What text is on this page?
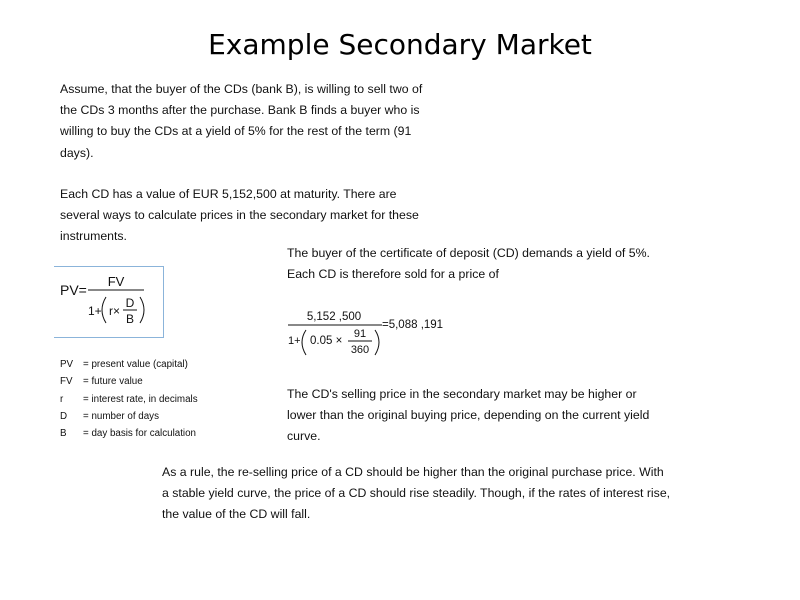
Example Secondary Market
Assume, that the buyer of the CDs (bank B), is willing to sell two of the CDs 3 months after the purchase. Bank B finds a buyer who is willing to buy the CDs at a yield of 5% for the rest of the term (91 days).
Each CD has a value of EUR 5,152,500 at maturity. There are several ways to calculate prices in the secondary market for these instruments.
PV=
FV
1+ r×
D
B
PV	= present value (capital)
FV	= future value
r	= interest rate, in decimals
D	= number of days
B	= day basis for calculation
The buyer of the certificate of deposit (CD) demands a yield of 5%. Each CD is therefore sold for a price of
5,152 ,500
1+ 0.05 ×
91
360
=5,088 ,191
The CD's selling price in the secondary market may be higher or lower than the original buying price, depending on the current yield curve.
As a rule, the re-selling price of a CD should be higher than the original purchase price. With a stable yield curve, the price of a CD should rise steadily. Though, if the rates of interest rise, the value of the CD will fall.
